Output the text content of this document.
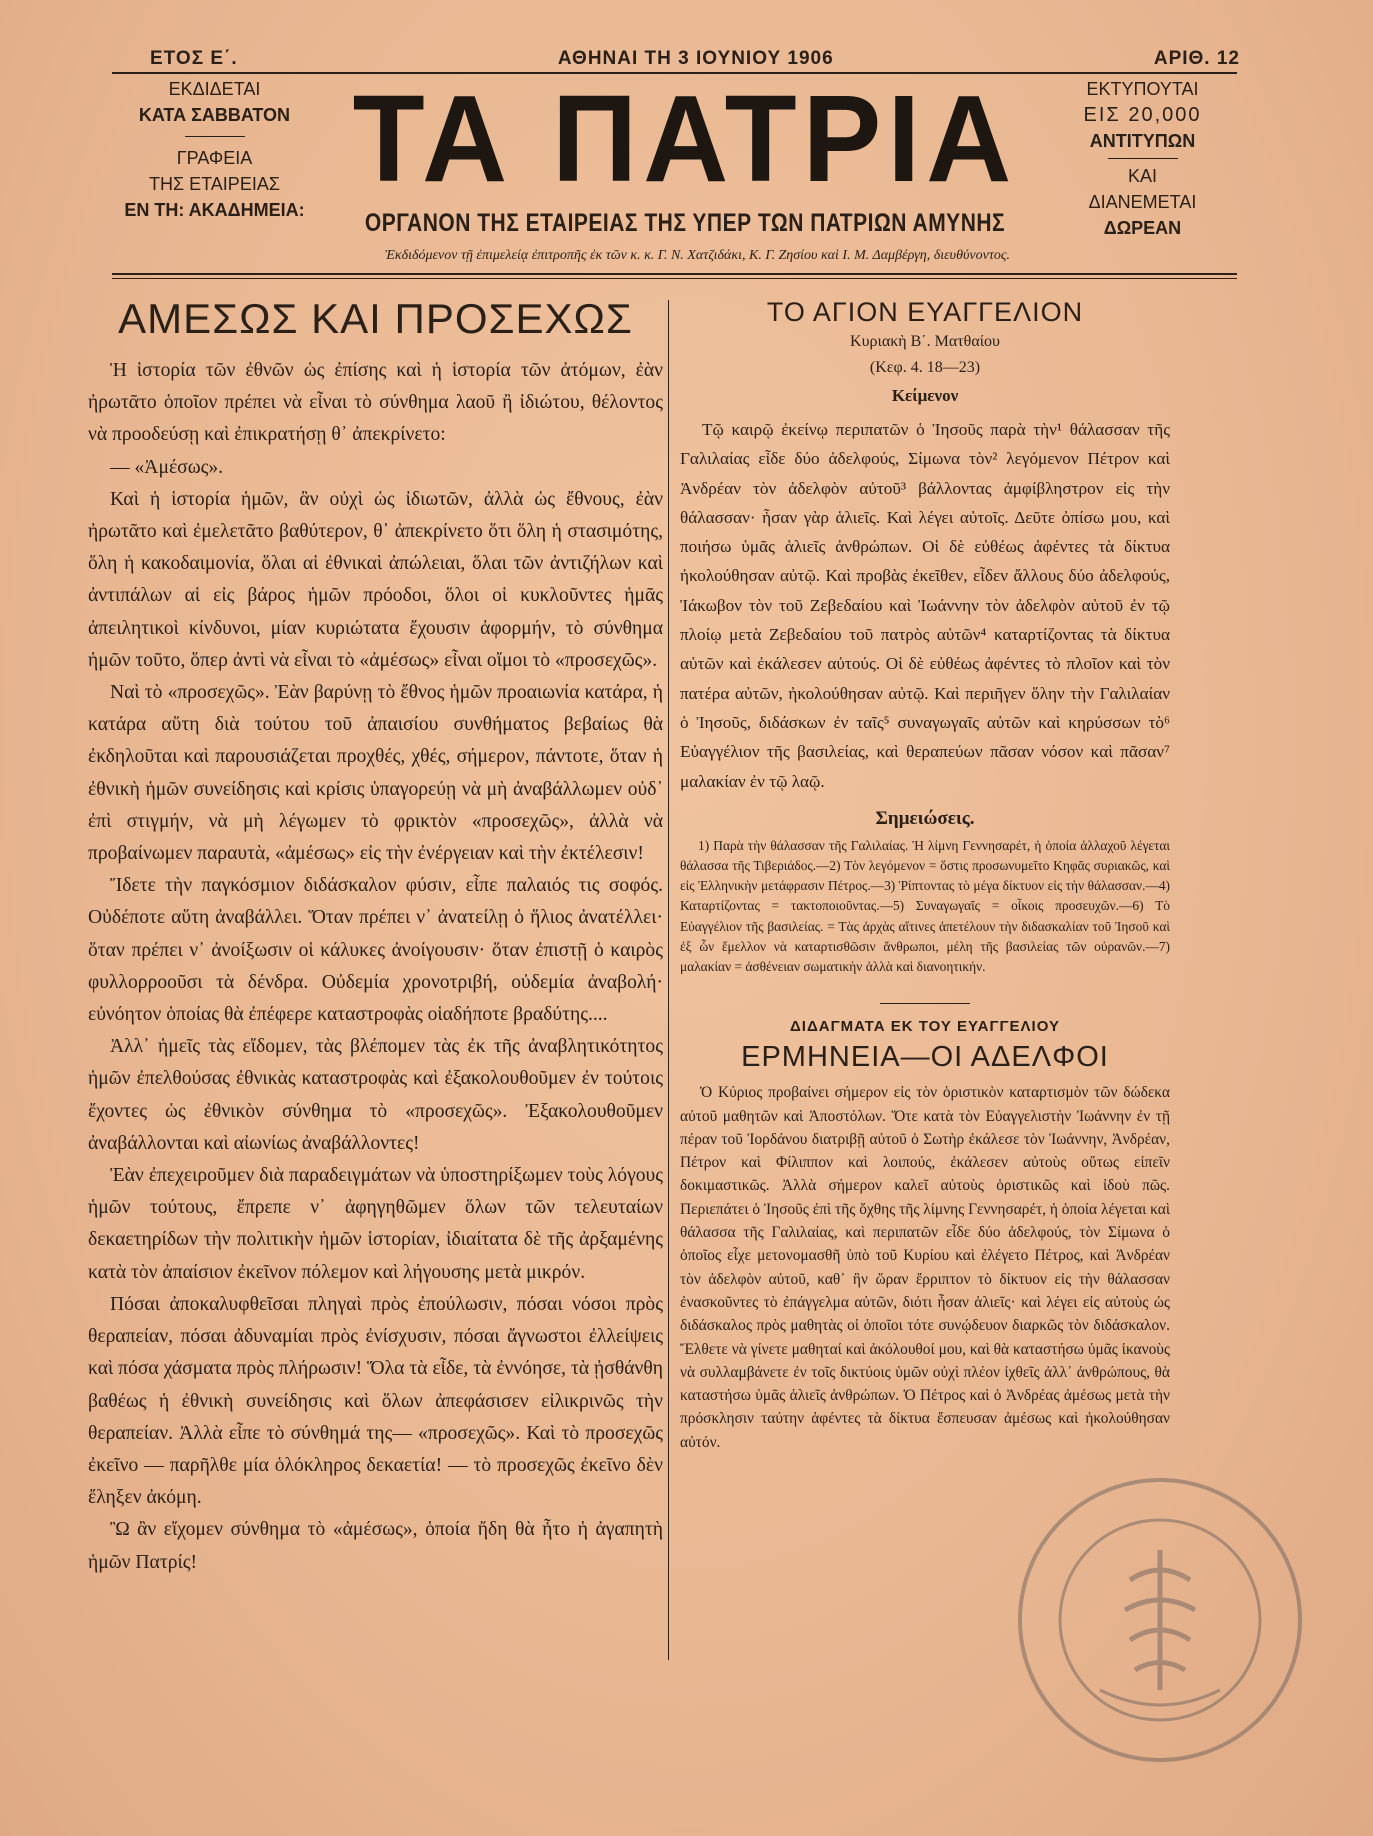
ΕΤΟΣ Ε΄.	ΑΘΗΝΑΙ ΤΗ 3 ΙΟΥΝΙΟΥ 1906	ΑΡΙΘ. 12
ΕΚΔΙΔΕΤΑΙ
ΚΑΤΑ ΣΑΒΒΑΤΟΝ
ΓΡΑΦΕΙΑ
ΤΗΣ ΕΤΑΙΡΕΙΑΣ
ΕΝ ΤΗ: ΑΚΑΔΗΜΕΙΑ:
ΤΑ ΠΑΤΡΙΑ
ΟΡΓΑΝΟΝ ΤΗΣ ΕΤΑΙΡΕΙΑΣ ΤΗΣ ΥΠΕΡ ΤΩΝ ΠΑΤΡΙΩΝ ΑΜΥΝΗΣ
ΕΚΤΥΠΟΥΤΑΙ
ΕΙΣ 20,000
ΑΝΤΙΤΥΠΩΝ
ΚΑΙ
ΔΙΑΝΕΜΕΤΑΙ
ΔΩΡΕΑΝ
Ἐκδιδόμενον τῇ ἐπιμελείᾳ ἐπιτροπῆς ἐκ τῶν κ. κ. Γ. Ν. Χατζιδάκι, Κ. Γ. Ζησίου καὶ Ι. Μ. Δαμβέργη, διευθύνοντος.
ΑΜΕΣΩΣ ΚΑΙ ΠΡΟΣΕΧΩΣ

Ἡ ἱστορία τῶν ἐθνῶν ὡς ἐπίσης καὶ ἡ ἱστορία τῶν ἀτόμων, ἐὰν ἠρωτᾶτο ὁποῖον πρέπει νὰ εἶναι τὸ σύνθημα λαοῦ ἢ ἰδιώτου, θέλοντος νὰ προοδεύσῃ καὶ ἐπικρατήσῃ θ᾽ ἀπεκρίνετο:

— «Ἀμέσως».

Καὶ ἡ ἱστορία ἡμῶν, ἂν οὐχὶ ὡς ἰδιωτῶν, ἀλλὰ ὡς ἔθνους, ἐὰν ἠρωτᾶτο καὶ ἐμελετᾶτο βαθύτερον, θ᾽ ἀπεκρίνετο ὅτι ὅλη ἡ στασιμότης, ὅλη ἡ κακοδαιμονία, ὅλαι αἱ ἐθνικαὶ ἀπώλειαι, ὅλαι τῶν ἀντιζήλων καὶ ἀντιπάλων αἱ εἰς βάρος ἡμῶν πρόοδοι, ὅλοι οἱ κυκλοῦντες ἡμᾶς ἀπειλητικοὶ κίνδυνοι, μίαν κυριώτατα ἔχουσιν ἀφορμήν, τὸ σύνθημα ἡμῶν τοῦτο, ὅπερ ἀντὶ νὰ εἶναι τὸ «ἀμέσως» εἶναι οἴμοι τὸ «προσεχῶς».

Ναὶ τὸ «προσεχῶς». Ἐὰν βαρύνῃ τὸ ἔθνος ἡμῶν προαιωνία κατάρα, ἡ κατάρα αὕτη διὰ τούτου τοῦ ἀπαισίου συνθήματος βεβαίως θὰ ἐκδηλοῦται καὶ παρουσιάζεται προχθές, χθές, σήμερον, πάντοτε, ὅταν ἡ ἐθνικὴ ἡμῶν συνείδησις καὶ κρίσις ὑπαγορεύῃ νὰ μὴ ἀναβάλλωμεν οὐδ᾽ ἐπὶ στιγμήν, νὰ μὴ λέγωμεν τὸ φρικτὸν «προσεχῶς», ἀλλὰ νὰ προβαίνωμεν παραυτὰ, «ἀμέσως» εἰς τὴν ἐνέργειαν καὶ τὴν ἐκτέλεσιν!

Ἴδετε τὴν παγκόσμιον διδάσκαλον φύσιν, εἶπε παλαιός τις σοφός. Οὐδέποτε αὕτη ἀναβάλλει. Ὅταν πρέπει ν᾽ ἀνατείλῃ ὁ ἥλιος ἀνατέλλει· ὅταν πρέπει ν᾽ ἀνοίξωσιν οἱ κάλυκες ἀνοίγουσιν· ὅταν ἐπιστῇ ὁ καιρὸς φυλλορροοῦσι τὰ δένδρα. Οὐδεμία χρονοτριβή, οὐδεμία ἀναβολή· εὐνόητον ὁποίας θὰ ἐπέφερε καταστροφὰς οἱαδήποτε βραδύτης....

Ἀλλ᾽ ἡμεῖς τὰς εἴδομεν, τὰς βλέπομεν τὰς ἐκ τῆς ἀναβλητικότητος ἡμῶν ἐπελθούσας ἐθνικὰς καταστροφὰς καὶ ἐξακολουθοῦμεν ἐν τούτοις ἔχοντες ὡς ἐθνικὸν σύνθημα τὸ «προσεχῶς». Ἐξακολουθοῦμεν ἀναβάλλονται καὶ αἰωνίως ἀναβάλλοντες!

Ἐὰν ἐπεχειροῦμεν διὰ παραδειγμάτων νὰ ὑποστηρίξωμεν τοὺς λόγους ἡμῶν τούτους, ἔπρεπε ν᾽ ἀφηγηθῶμεν ὅλων τῶν τελευταίων δεκαετηρίδων τὴν πολιτικὴν ἡμῶν ἱστορίαν, ἰδιαίτατα δὲ τῆς ἀρξαμένης κατὰ τὸν ἀπαίσιον ἐκεῖνον πόλεμον καὶ λήγουσης μετὰ μικρόν.

Πόσαι ἀποκαλυφθεῖσαι πληγαὶ πρὸς ἐπούλωσιν, πόσαι νόσοι πρὸς θεραπείαν, πόσαι ἀδυναμίαι πρὸς ἐνίσχυσιν, πόσαι ἄγνωστοι ἐλλείψεις καὶ πόσα χάσματα πρὸς πλήρωσιν! Ὅλα τὰ εἶδε, τὰ ἐννόησε, τὰ ᾐσθάνθη βαθέως ἡ ἐθνικὴ συνείδησις καὶ ὅλων ἀπεφάσισεν εἰλικρινῶς τὴν θεραπείαν. Ἀλλὰ εἶπε τὸ σύνθημά της— «προσεχῶς». Καὶ τὸ προσεχῶς ἐκεῖνο — παρῆλθε μία ὁλόκληρος δεκαετία! — τὸ προσεχῶς ἐκεῖνο δὲν ἔληξεν ἀκόμη.

Ὢ ἂν εἴχομεν σύνθημα τὸ «ἀμέσως», ὁποία ἤδη θὰ ἦτο ἡ ἀγαπητὴ ἡμῶν Πατρίς!

ΤΟ ΑΓΙΟΝ ΕΥΑΓΓΕΛΙΟΝ
Κυριακὴ Β΄. Ματθαίου
(Κεφ. 4. 18—23)
Κείμενον

Τῷ καιρῷ ἐκείνῳ περιπατῶν ὁ Ἰησοῦς παρὰ τὴν¹ θάλασσαν τῆς Γαλιλαίας εἶδε δύο ἀδελφούς, Σίμωνα τὸν² λεγόμενον Πέτρον καὶ Ἀνδρέαν τὸν ἀδελφὸν αὐτοῦ³ βάλλοντας ἀμφίβληστρον εἰς τὴν θάλασσαν· ἦσαν γὰρ ἁλιεῖς. Καὶ λέγει αὐτοῖς. Δεῦτε ὀπίσω μου, καὶ ποιήσω ὑμᾶς ἁλιεῖς ἀνθρώπων. Οἱ δὲ εὐθέως ἀφέντες τὰ δίκτυα ἠκολούθησαν αὐτῷ. Καὶ προβὰς ἐκεῖθεν, εἶδεν ἄλλους δύο ἀδελφούς, Ἰάκωβον τὸν τοῦ Ζεβεδαίου καὶ Ἰωάννην τὸν ἀδελφὸν αὐτοῦ ἐν τῷ πλοίῳ μετὰ Ζεβεδαίου τοῦ πατρὸς αὐτῶν⁴ καταρτίζοντας τὰ δίκτυα αὐτῶν καὶ ἐκάλεσεν αὐτούς. Οἱ δὲ εὐθέως ἀφέντες τὸ πλοῖον καὶ τὸν πατέρα αὐτῶν, ἠκολούθησαν αὐτῷ. Καὶ περιῆγεν ὅλην τὴν Γαλιλαίαν ὁ Ἰησοῦς, διδάσκων ἐν ταῖς⁵ συναγωγαῖς αὐτῶν καὶ κηρύσσων τὸ⁶ Εὐαγγέλιον τῆς βασιλείας, καὶ θεραπεύων πᾶσαν νόσον καὶ πᾶσαν⁷ μαλακίαν ἐν τῷ λαῷ.

Σημειώσεις.

1) Παρὰ τὴν θάλασσαν τῆς Γαλιλαίας. Ἡ λίμνη Γεννησαρέτ, ἡ ὁποία ἀλλαχοῦ λέγεται θάλασσα τῆς Τιβεριάδος.—2) Τὸν λεγόμενον = ὅστις προσωνυμεῖτο Κηφᾶς συριακῶς, καὶ εἰς Ἑλληνικὴν μετάφρασιν Πέτρος.—3) Ῥίπτοντας τὸ μέγα δίκτυον εἰς τὴν θάλασσαν.—4) Καταρτίζοντας = τακτοποιοῦντας.—5) Συναγωγαῖς = οἶκοις προσευχῶν.—6) Τὸ Εὐαγγέλιον τῆς βασιλείας. = Τὰς ἀρχὰς αἵτινες ἀπετέλουν τὴν διδασκαλίαν τοῦ Ἰησοῦ καὶ ἐξ ὧν ἔμελλον νὰ καταρτισθῶσιν ἄνθρωποι, μέλη τῆς βασιλείας τῶν οὐρανῶν.—7) μαλακίαν = ἀσθένειαν σωματικὴν ἀλλὰ καὶ διανοητικήν.

ΔΙΔΑΓΜΑΤΑ ΕΚ ΤΟΥ ΕΥΑΓΓΕΛΙΟΥ
ΕΡΜΗΝΕΙΑ—ΟΙ ΑΔΕΛΦΟΙ

Ὁ Κύριος προβαίνει σήμερον εἰς τὸν ὁριστικὸν καταρτισμὸν τῶν δώδεκα αὐτοῦ μαθητῶν καὶ Ἀποστόλων. Ὅτε κατὰ τὸν Εὐαγγελιστὴν Ἰωάννην ἐν τῇ πέραν τοῦ Ἰορδάνου διατριβῇ αὐτοῦ ὁ Σωτὴρ ἐκάλεσε τὸν Ἰωάννην, Ἀνδρέαν, Πέτρον καὶ Φίλιππον καὶ λοιπούς, ἐκάλεσεν αὐτοὺς οὕτως εἰπεῖν δοκιμαστικῶς. Ἀλλὰ σήμερον καλεῖ αὐτοὺς ὁριστικῶς καὶ ἰδοὺ πῶς. Περιεπάτει ὁ Ἰησοῦς ἐπὶ τῆς ὄχθης τῆς λίμνης Γεννησαρέτ, ἡ ὁποία λέγεται καὶ θάλασσα τῆς Γαλιλαίας, καὶ περιπατῶν εἶδε δύο ἀδελφούς, τὸν Σίμωνα ὁ ὁποῖος εἶχε μετονομασθῆ ὑπὸ τοῦ Κυρίου καὶ ἐλέγετο Πέτρος, καὶ Ἀνδρέαν τὸν ἀδελφὸν αὐτοῦ, καθ᾽ ἣν ὥραν ἔρριπτον τὸ δίκτυον εἰς τὴν θάλασσαν ἐνασκοῦντες τὸ ἐπάγγελμα αὐτῶν, διότι ἦσαν ἁλιεῖς· καὶ λέγει εἰς αὐτοὺς ὡς διδάσκαλος πρὸς μαθητὰς οἱ ὁποῖοι τότε συνῴδευον διαρκῶς τὸν διδάσκαλον. Ἔλθετε νὰ γίνετε μαθηταί καὶ ἀκόλουθοί μου, καὶ θὰ καταστήσω ὑμᾶς ἱκανοὺς νὰ συλλαμβάνετε ἐν τοῖς δικτύοις ὑμῶν οὐχὶ πλέον ἰχθεῖς ἀλλ᾽ ἀνθρώπους, θὰ καταστήσω ὑμᾶς ἁλιεῖς ἀνθρώπων. Ὁ Πέτρος καὶ ὁ Ἀνδρέας ἀμέσως μετὰ τὴν πρόσκλησιν ταύτην ἀφέντες τὰ δίκτυα ἔσπευσαν ἀμέσως καὶ ἠκολούθησαν αὐτόν.
